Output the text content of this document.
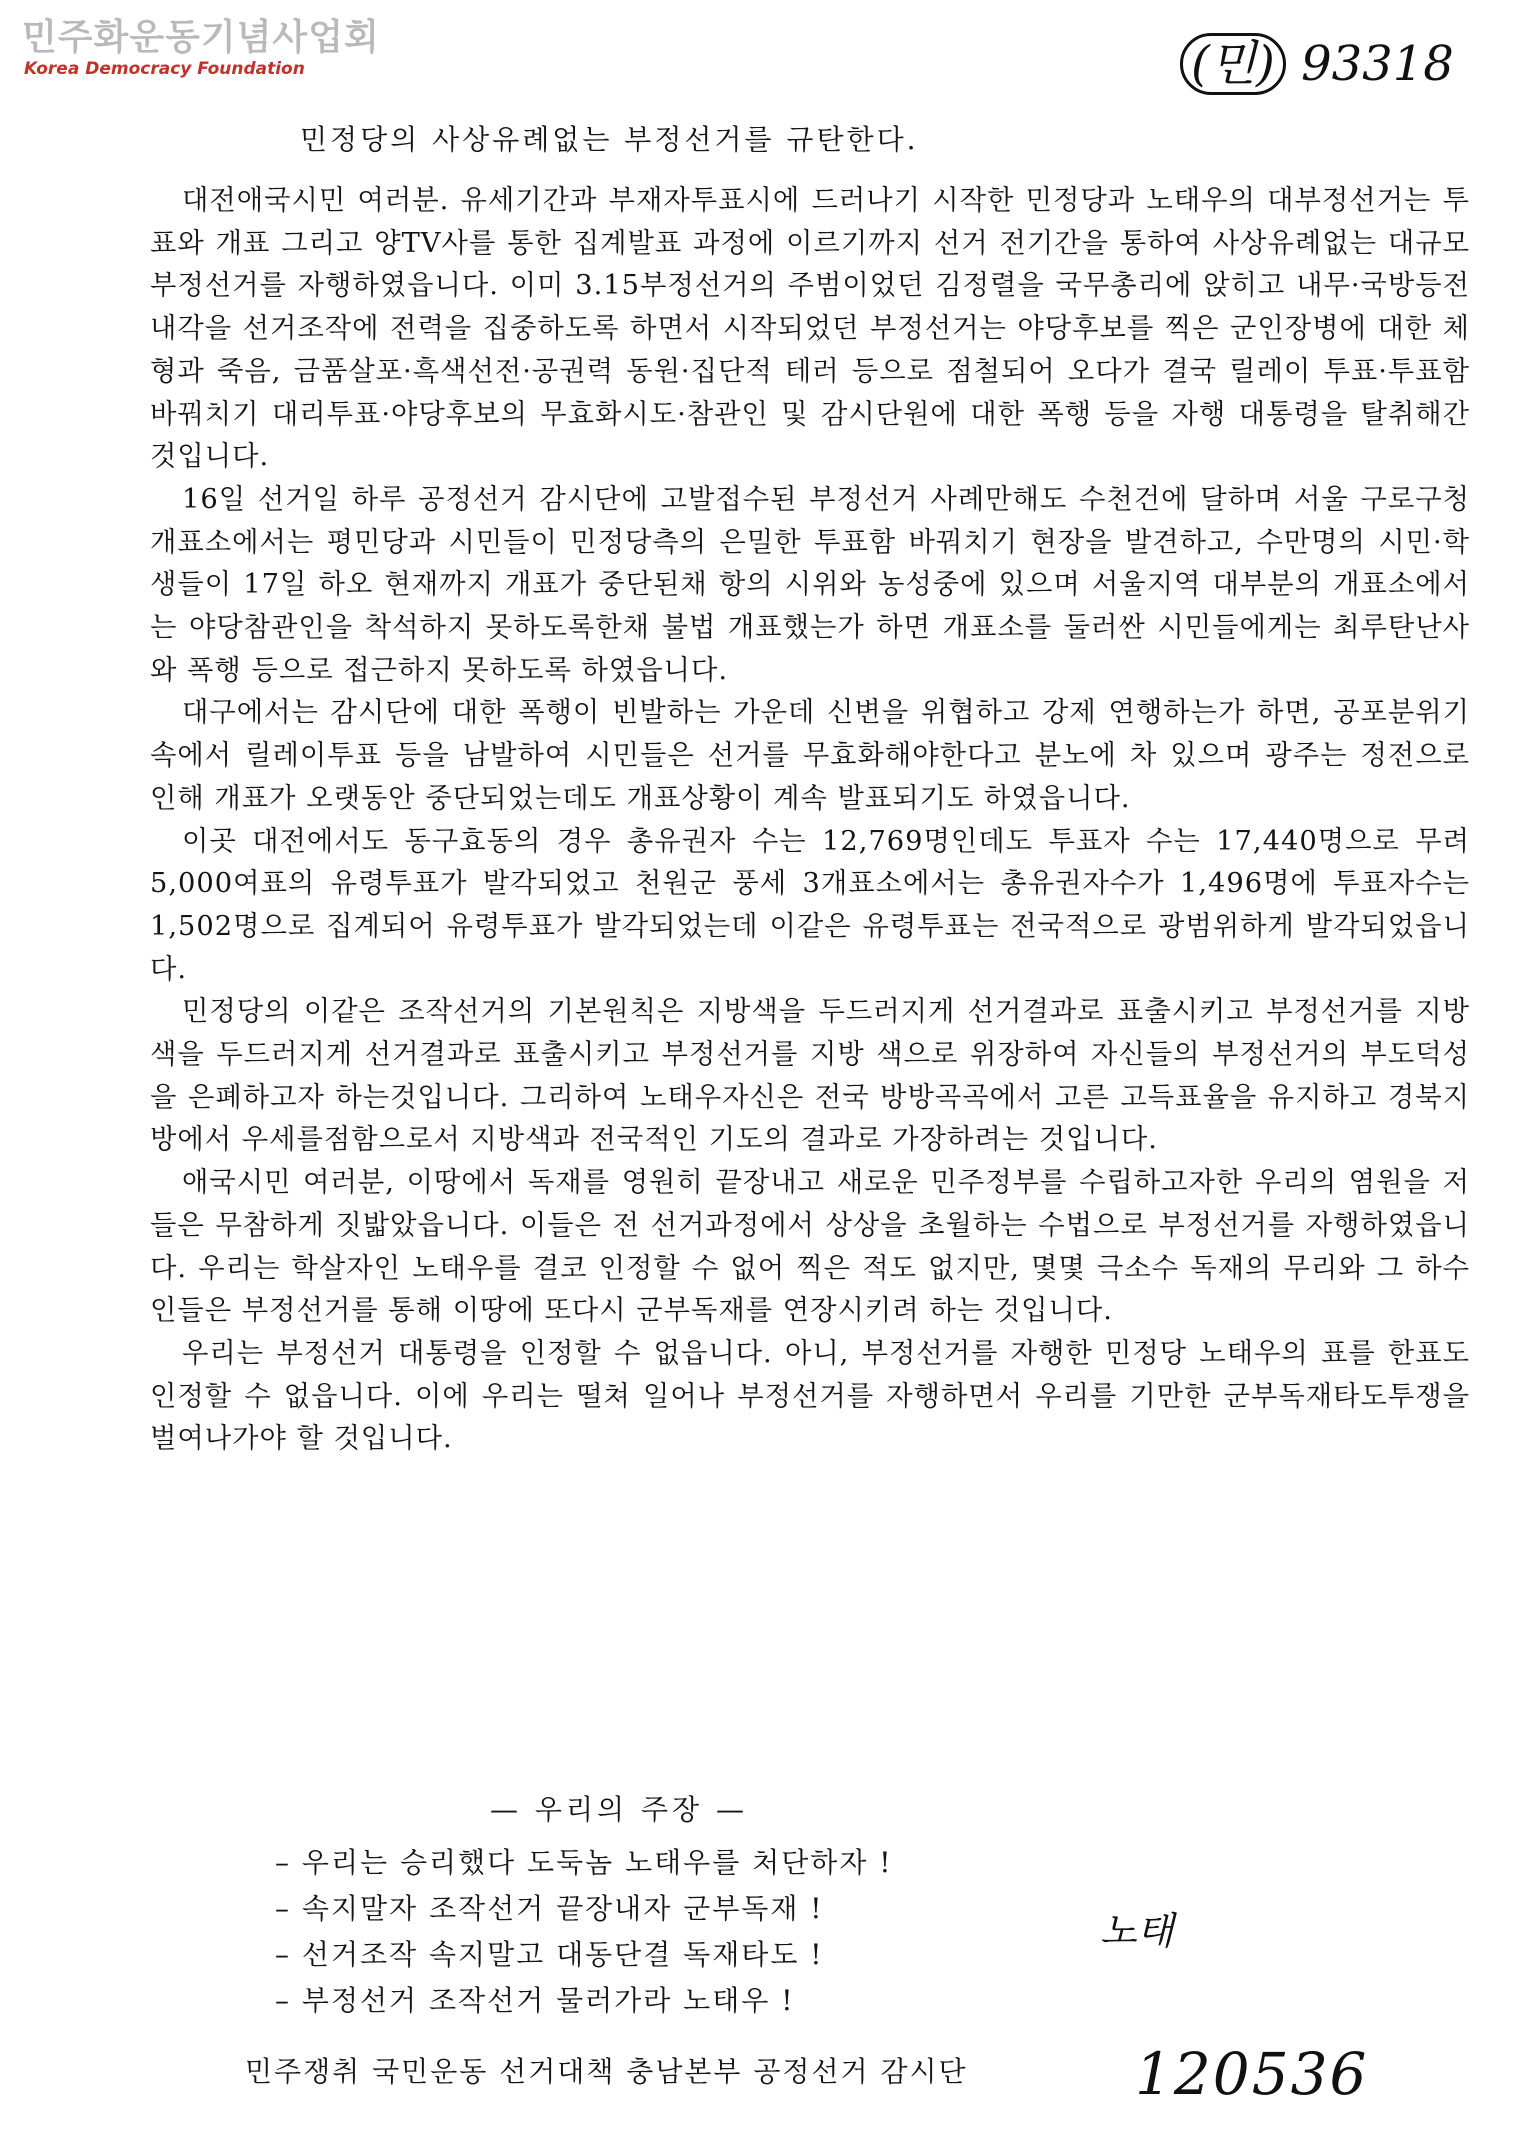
민주화운동기념사업회
Korea Democracy Foundation	(민) 93318
민정당의 사상유례없는 부정선거를 규탄한다.

대전애국시민 여러분. 유세기간과 부재자투표시에 드러나기 시작한 민정당과 노태우의 대부정선거는 투표와 개표 그리고 양TV사를 통한 집계발표 과정에 이르기까지 선거 전기간을 통하여 사상유례없는 대규모 부정선거를 자행하였읍니다. 이미 3.15부정선거의 주범이었던 김정렬을 국무총리에 앉히고 내무·국방등전내각을 선거조작에 전력을 집중하도록 하면서 시작되었던 부정선거는 야당후보를 찍은 군인장병에 대한 체형과 죽음, 금품살포·흑색선전·공권력 동원·집단적 테러 등으로 점철되어 오다가 결국 릴레이 투표·투표함바꿔치기 대리투표·야당후보의 무효화시도·참관인 및 감시단원에 대한 폭행 등을 자행 대통령을 탈취해간 것입니다.

16일 선거일 하루 공정선거 감시단에 고발접수된 부정선거 사례만해도 수천건에 달하며 서울 구로구청 개표소에서는 평민당과 시민들이 민정당측의 은밀한 투표함 바꿔치기 현장을 발견하고, 수만명의 시민·학생들이 17일 하오 현재까지 개표가 중단된채 항의 시위와 농성중에 있으며 서울지역 대부분의 개표소에서는 야당참관인을 착석하지 못하도록한채 불법 개표했는가 하면 개표소를 둘러싼 시민들에게는 최루탄난사와 폭행 등으로 접근하지 못하도록 하였읍니다.

대구에서는 감시단에 대한 폭행이 빈발하는 가운데 신변을 위협하고 강제 연행하는가 하면, 공포분위기 속에서 릴레이투표 등을 남발하여 시민들은 선거를 무효화해야한다고 분노에 차 있으며 광주는 정전으로 인해 개표가 오랫동안 중단되었는데도 개표상황이 계속 발표되기도 하였읍니다.

이곳 대전에서도 동구효동의 경우 총유권자 수는 12,769명인데도 투표자 수는 17,440명으로 무려 5,000여표의 유령투표가 발각되었고 천원군 풍세 3개표소에서는 총유권자수가 1,496명에 투표자수는 1,502명으로 집계되어 유령투표가 발각되었는데 이같은 유령투표는 전국적으로 광범위하게 발각되었읍니다.

민정당의 이같은 조작선거의 기본원칙은 지방색을 두드러지게 선거결과로 표출시키고 부정선거를 지방 색을 두드러지게 선거결과로 표출시키고 부정선거를 지방 색으로 위장하여 자신들의 부정선거의 부도덕성을 은폐하고자 하는것입니다. 그리하여 노태우자신은 전국 방방곡곡에서 고른 고득표율을 유지하고 경북지방에서 우세를점함으로서 지방색과 전국적인 기도의 결과로 가장하려는 것입니다.

애국시민 여러분, 이땅에서 독재를 영원히 끝장내고 새로운 민주정부를 수립하고자한 우리의 염원을 저들은 무참하게 짓밟았읍니다. 이들은 전 선거과정에서 상상을 초월하는 수법으로 부정선거를 자행하였읍니다. 우리는 학살자인 노태우를 결코 인정할 수 없어 찍은 적도 없지만, 몇몇 극소수 독재의 무리와 그 하수인들은 부정선거를 통해 이땅에 또다시 군부독재를 연장시키려 하는 것입니다.

우리는 부정선거 대통령을 인정할 수 없읍니다. 아니, 부정선거를 자행한 민정당 노태우의 표를 한표도 인정할 수 없읍니다. 이에 우리는 떨쳐 일어나 부정선거를 자행하면서 우리를 기만한 군부독재타도투쟁을 벌여나가야 할 것입니다.

— 우리의 주장 —
– 우리는 승리했다 도둑놈 노태우를 처단하자 !
– 속지말자 조작선거 끝장내자 군부독재 !
– 선거조작 속지말고 대동단결 독재타도 !
– 부정선거 조작선거 물러가라 노태우 !
노태
민주쟁취 국민운동 선거대책 충남본부 공정선거 감시단	120536
